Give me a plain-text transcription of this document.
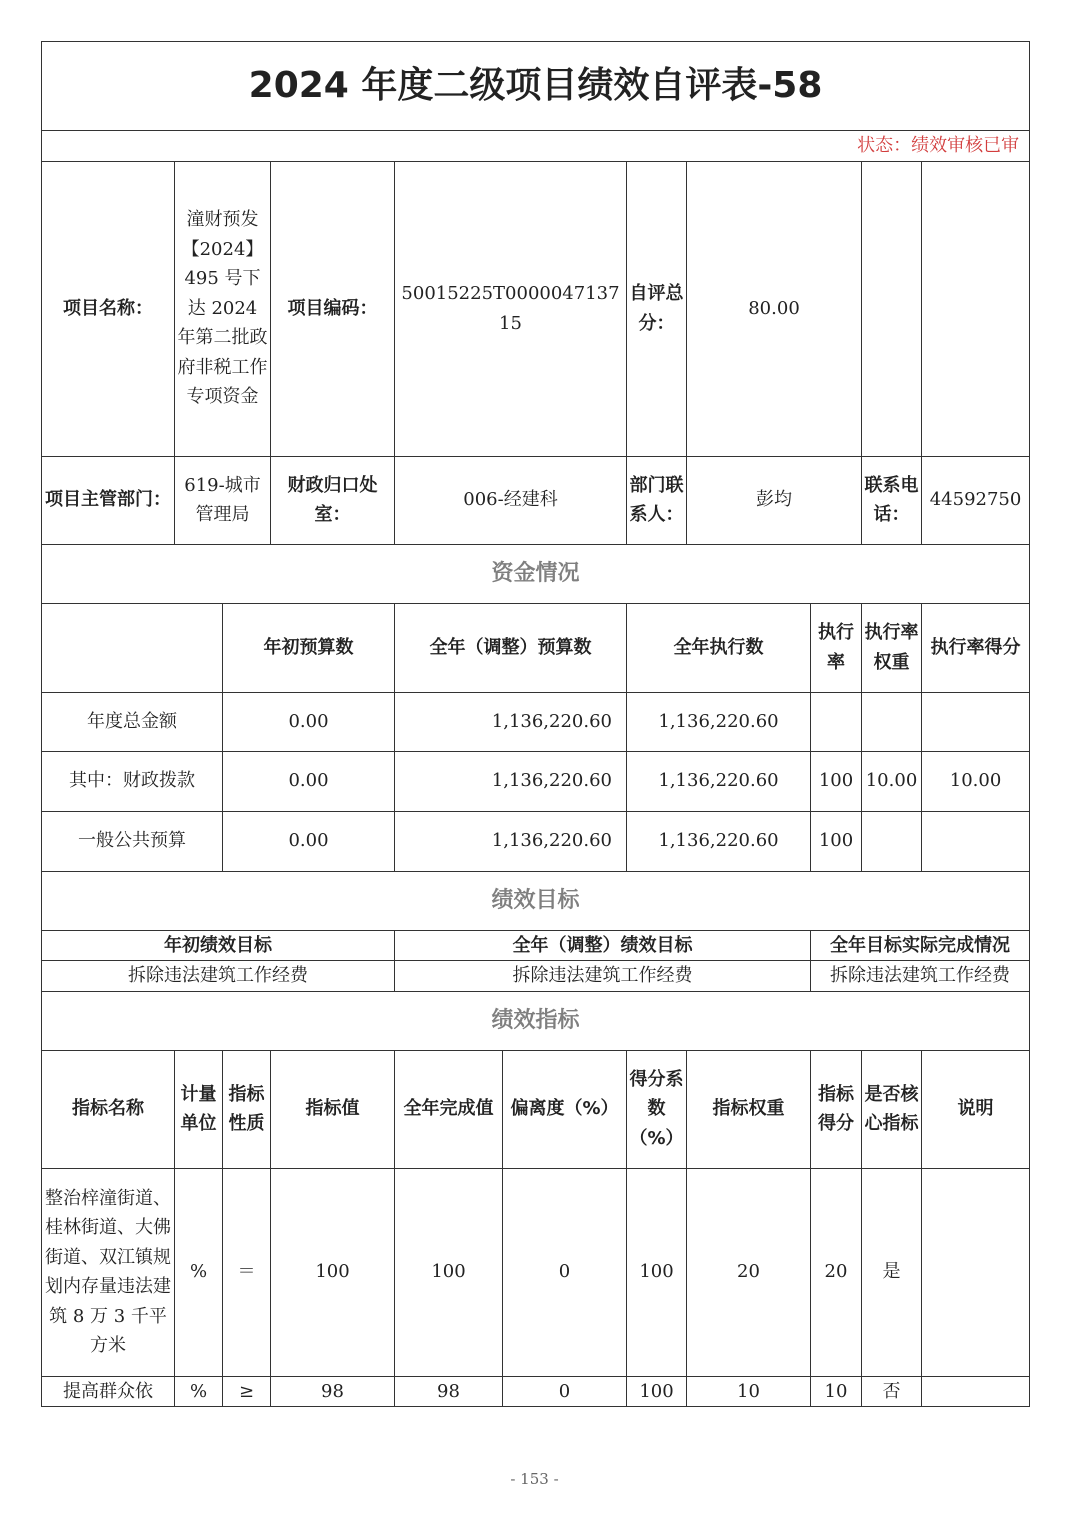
2024 年度二级项目绩效自评表-58										
状态：绩效审核已审										
项目名称：	潼财预发【2024】495 号下达 2024 年第二批政府非税工作专项资金		项目编码：	50015225T000004713715		自评总分：	80.00			
项目主管部门：	619-城市管理局		财政归口处室：	006-经建科		部门联系人：	彭均		联系电话：	44592750
资金情况										
		年初预算数		全年（调整）预算数		全年执行数		执行率	执行率权重	执行率得分
年度总金额		0.00		1,136,220.60		1,136,220.60				
其中：财政拨款		0.00		1,136,220.60		1,136,220.60		100	10.00	10.00
一般公共预算		0.00		1,136,220.60		1,136,220.60		100		
绩效目标										
年初绩效目标				全年（调整）绩效目标				全年目标实际完成情况		
拆除违法建筑工作经费				拆除违法建筑工作经费				拆除违法建筑工作经费		
绩效指标										
指标名称	计量单位	指标性质	指标值	全年完成值	偏离度（%）	得分系数（%）	指标权重	指标得分	是否核心指标	说明
整治梓潼街道、桂林街道、大佛街道、双江镇规划内存量违法建筑 8 万 3 千平方米	%	＝	100	100	0	100	20	20	是	
提高群众依	%	≥	98	98	0	100	10	10	否	
- 153 -
